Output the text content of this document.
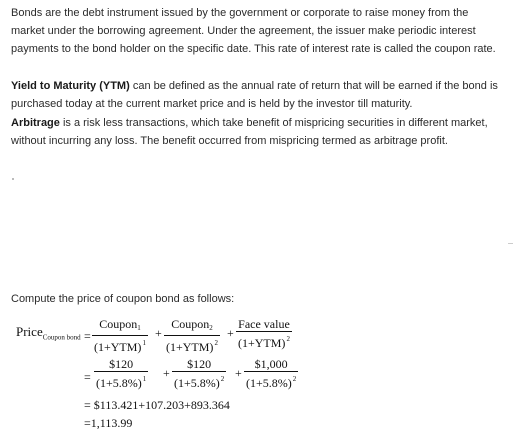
Bonds are the debt instrument issued by the government or corporate to raise money from the market under the borrowing agreement. Under the agreement, the issuer make periodic interest payments to the bond holder on the specific date. This rate of interest rate is called the coupon rate.

Yield to Maturity (YTM) can be defined as the annual rate of return that will be earned if the bond is purchased today at the current market price and is held by the investor till maturity.

Arbitrage is a risk less transactions, which take benefit of mispricing securities in different market, without incurring any loss. The benefit occurred from mispricing termed as arbitrage profit.

Compute the price of coupon bond as follows:

Price$_{Coupon bond}$ =
Coupon$_1$
$(1+YTM)^1$
+
Coupon$_2$
$(1+YTM)^2$
+
Face value
$(1+YTM)^2$
=
$120
$(1+5.8\%)^1$ +
$120
$(1+5.8\%)^2$ +
$1,000
$(1+5.8\%)^2$
= $113.421+107.203+893.364
=1,113.99
